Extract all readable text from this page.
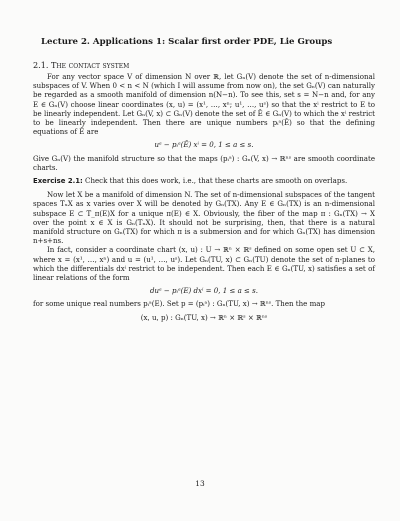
Lecture 2. Applications 1: Scalar first order PDE, Lie Groups
2.1. The contact system

For any vector space V of dimension N over ℝ, let Gₙ(V) denote the set of n-dimensional subspaces of V. When 0 < n < N (which I will assume from now on), the set Gₙ(V) can naturally be regarded as a smooth manifold of dimension n(N−n). To see this, set s = N−n and, for any E ∈ Gₙ(V) choose linear coordinates (x, u) = (x¹, …, xⁿ; u¹, …, uˢ) so that the xⁱ restrict to E to be linearly independent. Let Gₙ(V, x) ⊂ Gₙ(V) denote the set of Ê ∈ Gₙ(V) to which the xⁱ restrict to be linearly independent. Then there are unique numbers pᵢᵃ(Ê) so that the defining equations of Ê are

uᵃ − pᵢᵃ(Ê) xⁱ = 0, 1 ≤ a ≤ s.

Give Gₙ(V) the manifold structure so that the maps (pᵢᵃ) : Gₙ(V, x) → ℝⁿˢ are smooth coordinate charts.

Exercise 2.1: Check that this does work, i.e., that these charts are smooth on overlaps.

Now let X be a manifold of dimension N. The set of n-dimensional subspaces of the tangent spaces TₓX as x varies over X will be denoted by Gₙ(TX). Any E ∈ Gₙ(TX) is an n-dimensional subspace E ⊂ T_π(E)X for a unique π(E) ∈ X. Obviously, the fiber of the map π : Gₙ(TX) → X over the point x ∈ X is Gₙ(TₓX). It should not be surprising, then, that there is a natural manifold structure on Gₙ(TX) for which π is a submersion and for which Gₙ(TX) has dimension n+s+ns.

In fact, consider a coordinate chart (x, u) : U → ℝⁿ × ℝˢ defined on some open set U ⊂ X, where x = (x¹, …, xⁿ) and u = (u¹, …, uˢ). Let Gₙ(TU, x) ⊂ Gₙ(TU) denote the set of n-planes to which the differentials dxⁱ restrict to be independent. Then each E ∈ Gₙ(TU, x) satisfies a set of linear relations of the form

duᵃ − pᵢᵃ(E) dxⁱ = 0, 1 ≤ a ≤ s.

for some unique real numbers pᵢᵃ(E). Set p = (pᵢᵃ) : Gₙ(TU, x) → ℝⁿˢ. Then the map

(x, u, p) : Gₙ(TU, x) → ℝⁿ × ℝˢ × ℝⁿˢ
13
